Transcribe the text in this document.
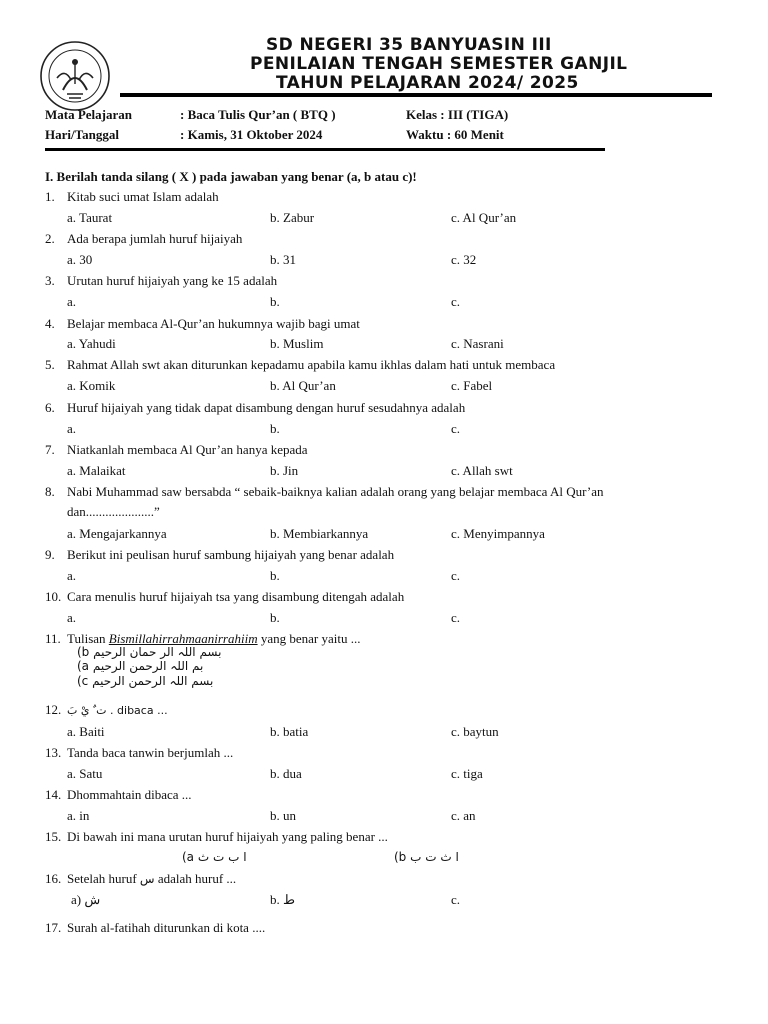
SD NEGERI 35 BANYUASIN III
PENILAIAN TENGAH SEMESTER GANJIL
TAHUN PELAJARAN 2024/ 2025
Mata Pelajaran	: Baca Tulis Qur’an ( BTQ )	Kelas : III (TIGA)
Hari/Tanggal	: Kamis, 31 Oktober 2024	Waktu : 60 Menit
I. Berilah tanda silang ( X ) pada jawaban yang benar (a, b atau c)!
1. Kitab suci umat Islam adalah
a. Taurat	b. Zabur	c. Al Qur’an
2. Ada berapa jumlah huruf hijaiyah
a. 30	b. 31	c. 32
3. Urutan huruf hijaiyah yang ke 15 adalah
a.	b.	c.
4. Belajar membaca Al-Qur’an hukumnya wajib bagi umat
a. Yahudi	b. Muslim	c. Nasrani
5. Rahmat Allah swt akan diturunkan kepadamu apabila kamu ikhlas dalam hati untuk membaca
a. Komik	b. Al Qur’an	c. Fabel
6. Huruf hijaiyah yang tidak dapat disambung dengan huruf sesudahnya adalah
a.	b.	c.
7. Niatkanlah membaca Al Qur’an hanya kepada
a. Malaikat	b. Jin	c. Allah swt
8. Nabi Muhammad saw bersabda “ sebaik-baiknya kalian adalah orang yang belajar membaca Al Qur’an
dan.....................”
a. Mengajarkannya	b. Membiarkannya	c. Menyimpannya
9. Berikut ini peulisan huruf sambung hijaiyah yang benar adalah
a.	b.	c.
10. Cara menulis huruf hijaiyah tsa yang disambung ditengah adalah
a.	b.	c.
11. Tulisan Bismillahirrahmaanirrahiim yang benar yaitu ...
(b بسم اللہ الر حمان الرحیم
(a بم اللہ الرحمن الرحیم
(c بسم اللہ الرحمن الرحیم
12. ت ٌ يْ بَ . dibaca ...
a. Baiti	b. batia	c. baytun
13. Tanda baca tanwin berjumlah ...
a. Satu	b. dua	c. tiga
14. Dhommahtain dibaca ...
a. in	b. un	c. an
15. Di bawah ini mana urutan huruf hijaiyah yang paling benar ...
(a ا ب ت ث	(b ا ث ت ب
16. Setelah huruf س adalah huruf ...
a) ش	b. ط	c.
17. Surah al-fatihah diturunkan di kota ....
